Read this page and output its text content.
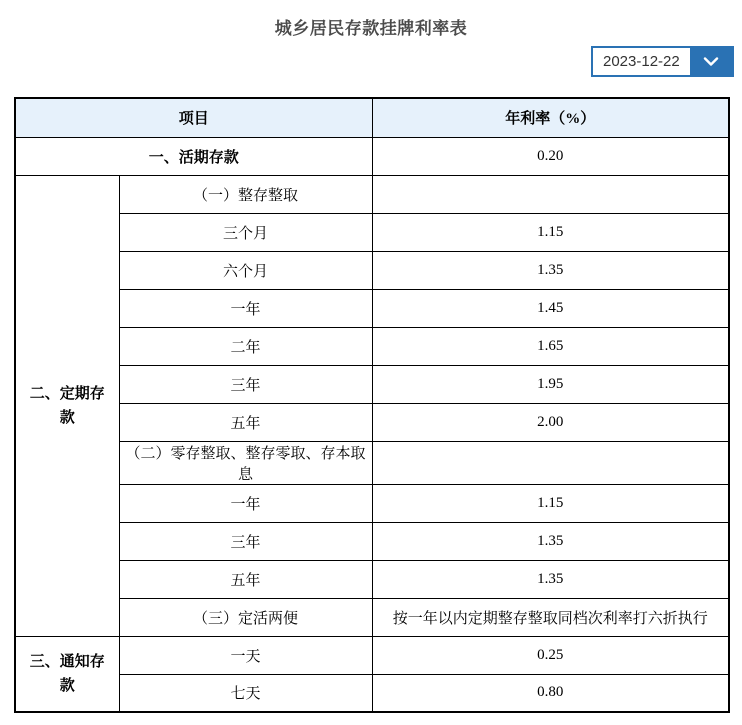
城乡居民存款挂牌利率表
2023-12-22
项目		年利率（%）
一、活期存款		0.20
二、定期存款	（一）整存整取	
	三个月	1.15
	六个月	1.35
	一年	1.45
	二年	1.65
	三年	1.95
	五年	2.00
	（二）零存整取、整存零取、存本取息	
	一年	1.15
	三年	1.35
	五年	1.35
	（三）定活两便	按一年以内定期整存整取同档次利率打六折执行
三、通知存款	一天	0.25
	七天	0.80
